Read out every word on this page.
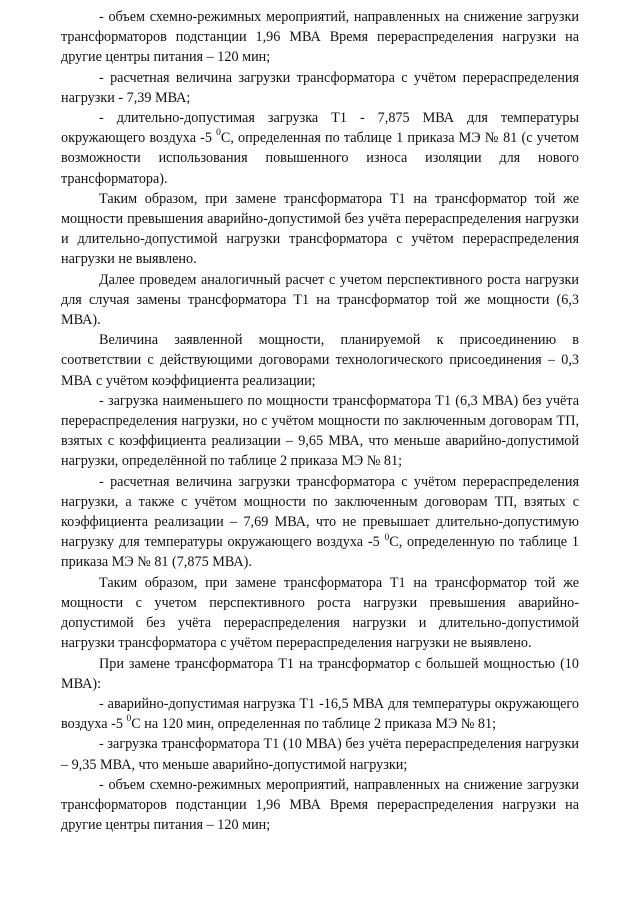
- объем схемно-режимных мероприятий, направленных на снижение загрузки трансформаторов подстанции 1,96 МВА Время перераспределения нагрузки на другие центры питания – 120 мин;

- расчетная величина загрузки трансформатора с учётом перераспределения нагрузки - 7,39 МВА;

- длительно-допустимая загрузка Т1 - 7,875 МВА для температуры окружающего воздуха -5 $^0$С, определенная по таблице 1 приказа МЭ № 81 (с учетом возможности использования повышенного износа изоляции для нового трансформатора).

Таким образом, при замене трансформатора Т1 на трансформатор той же мощности превышения аварийно-допустимой без учёта перераспределения нагрузки и длительно-допустимой нагрузки трансформатора с учётом перераспределения нагрузки не выявлено.

Далее проведем аналогичный расчет с учетом перспективного роста нагрузки для случая замены трансформатора Т1 на трансформатор той же мощности (6,3 МВА).

Величина заявленной мощности, планируемой к присоединению в соответствии с действующими договорами технологического присоединения – 0,3 МВА с учётом коэффициента реализации;

- загрузка наименьшего по мощности трансформатора Т1 (6,3 МВА) без учёта перераспределения нагрузки, но с учётом мощности по заключенным договорам ТП, взятых с коэффициента реализации – 9,65 МВА, что меньше аварийно-допустимой нагрузки, определённой по таблице 2 приказа МЭ № 81;

- расчетная величина загрузки трансформатора с учётом перераспределения нагрузки, а также с учётом мощности по заключенным договорам ТП, взятых с коэффициента реализации – 7,69 МВА, что не превышает длительно-допустимую нагрузку для температуры окружающего воздуха -5 $^0$С, определенную по таблице 1 приказа МЭ № 81 (7,875 МВА).

Таким образом, при замене трансформатора Т1 на трансформатор той же мощности с учетом перспективного роста нагрузки превышения аварийно-допустимой без учёта перераспределения нагрузки и длительно-допустимой нагрузки трансформатора с учётом перераспределения нагрузки не выявлено.

При замене трансформатора Т1 на трансформатор с большей мощностью (10 МВА):

- аварийно-допустимая нагрузка Т1 -16,5 МВА для температуры окружающего воздуха -5 $^0$С на 120 мин, определенная по таблице 2 приказа МЭ № 81;

- загрузка трансформатора Т1 (10 МВА) без учёта перераспределения нагрузки – 9,35 МВА, что меньше аварийно-допустимой нагрузки;

- объем схемно-режимных мероприятий, направленных на снижение загрузки трансформаторов подстанции 1,96 МВА Время перераспределения нагрузки на другие центры питания – 120 мин;
